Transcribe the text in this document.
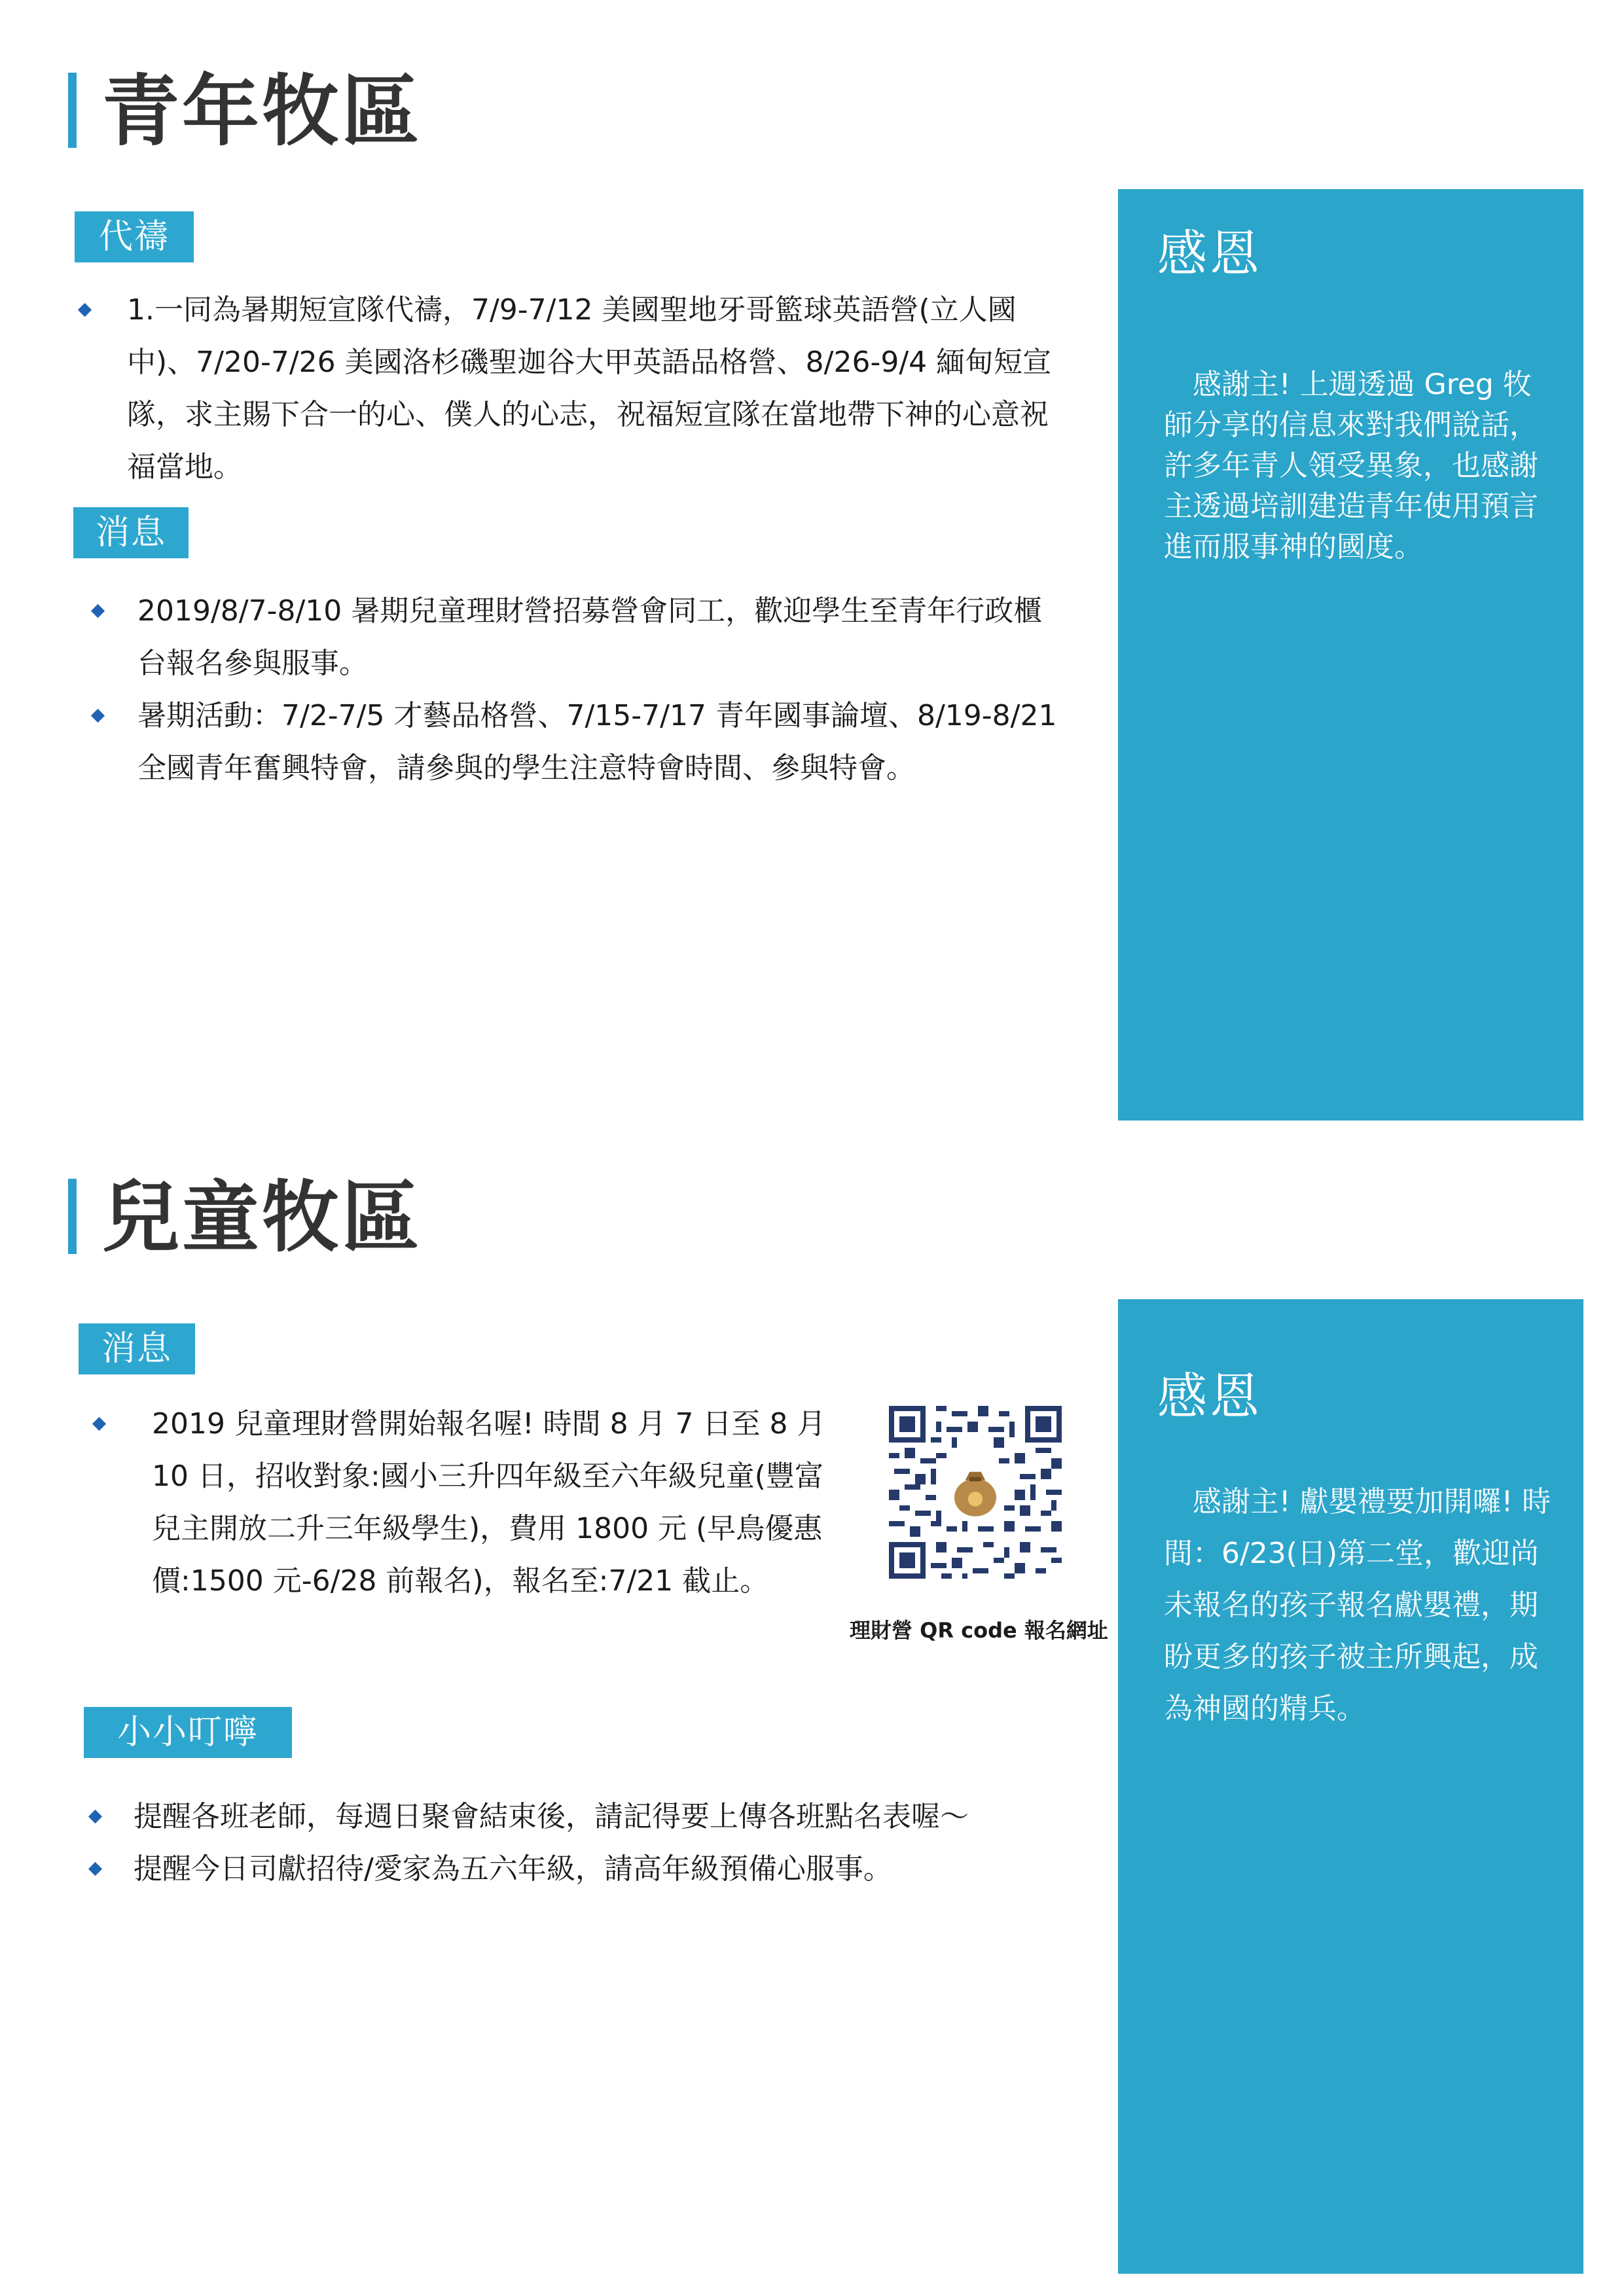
青年牧區
代禱
1.一同為暑期短宣隊代禱，7/9-7/12 美國聖地牙哥籃球英語營(立人國中)、7/20-7/26 美國洛杉磯聖迦谷大甲英語品格營、8/26-9/4 緬甸短宣隊，求主賜下合一的心、僕人的心志，祝福短宣隊在當地帶下神的心意祝福當地。
消息
2019/8/7-8/10 暑期兒童理財營招募營會同工，歡迎學生至青年行政櫃台報名參與服事。
暑期活動：7/2-7/5 才藝品格營、7/15-7/17 青年國事論壇、8/19-8/21 全國青年奮興特會，請參與的學生注意特會時間、參與特會。
感恩

　感謝主! 上週透過 Greg 牧師分享的信息來對我們說話，許多年青人領受異象，也感謝主透過培訓建造青年使用預言進而服事神的國度。

兒童牧區
消息
2019 兒童理財營開始報名喔! 時間 8 月 7 日至 8 月 10 日，招收對象:國小三升四年級至六年級兒童(豐富兒主開放二升三年級學生)，費用 1800 元 (早鳥優惠價:1500 元-6/28 前報名)，報名至:7/21 截止。
理財營 QR code 報名網址
小小叮嚀
提醒各班老師，每週日聚會結束後，請記得要上傳各班點名表喔～
提醒今日司獻招待/愛家為五六年級，請高年級預備心服事。
感恩

　感謝主! 獻嬰禮要加開囉! 時間：6/23(日)第二堂，歡迎尚未報名的孩子報名獻嬰禮，期盼更多的孩子被主所興起，成為神國的精兵。
